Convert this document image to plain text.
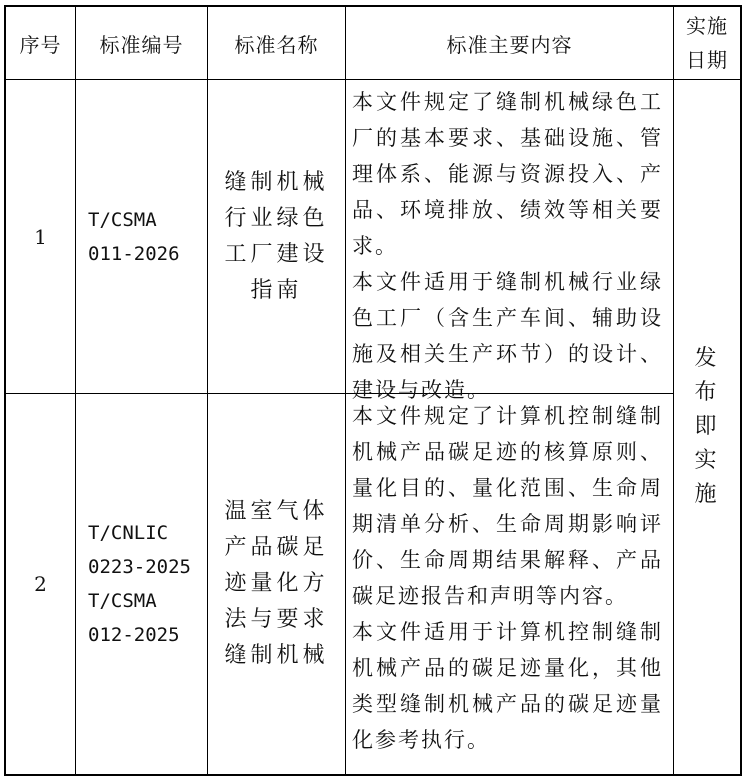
序号 标准编号	标准名称	标准主要内容
实施
日期
1
T/CSMA
011-2026
缝制机械行业绿色工厂建设指南

本文件规定了缝制机械绿色工厂的基本要求、基础设施、管理体系、能源与资源投入、产品、环境排放、绩效等相关要求。

本文件适用于缝制机械行业绿色工厂（含生产车间、辅助设施及相关生产环节）的设计、建设与改造。

2
T/CNLIC
0223-2025
T/CSMA
012-2025
温室气体产品碳足迹量化方法与要求缝制机械

本文件规定了计算机控制缝制机械产品碳足迹的核算原则、量化目的、量化范围、生命周期清单分析、生命周期影响评价、生命周期结果解释、产品碳足迹报告和声明等内容。

本文件适用于计算机控制缝制机械产品的碳足迹量化，其他类型缝制机械产品的碳足迹量化参考执行。

发布即实施
